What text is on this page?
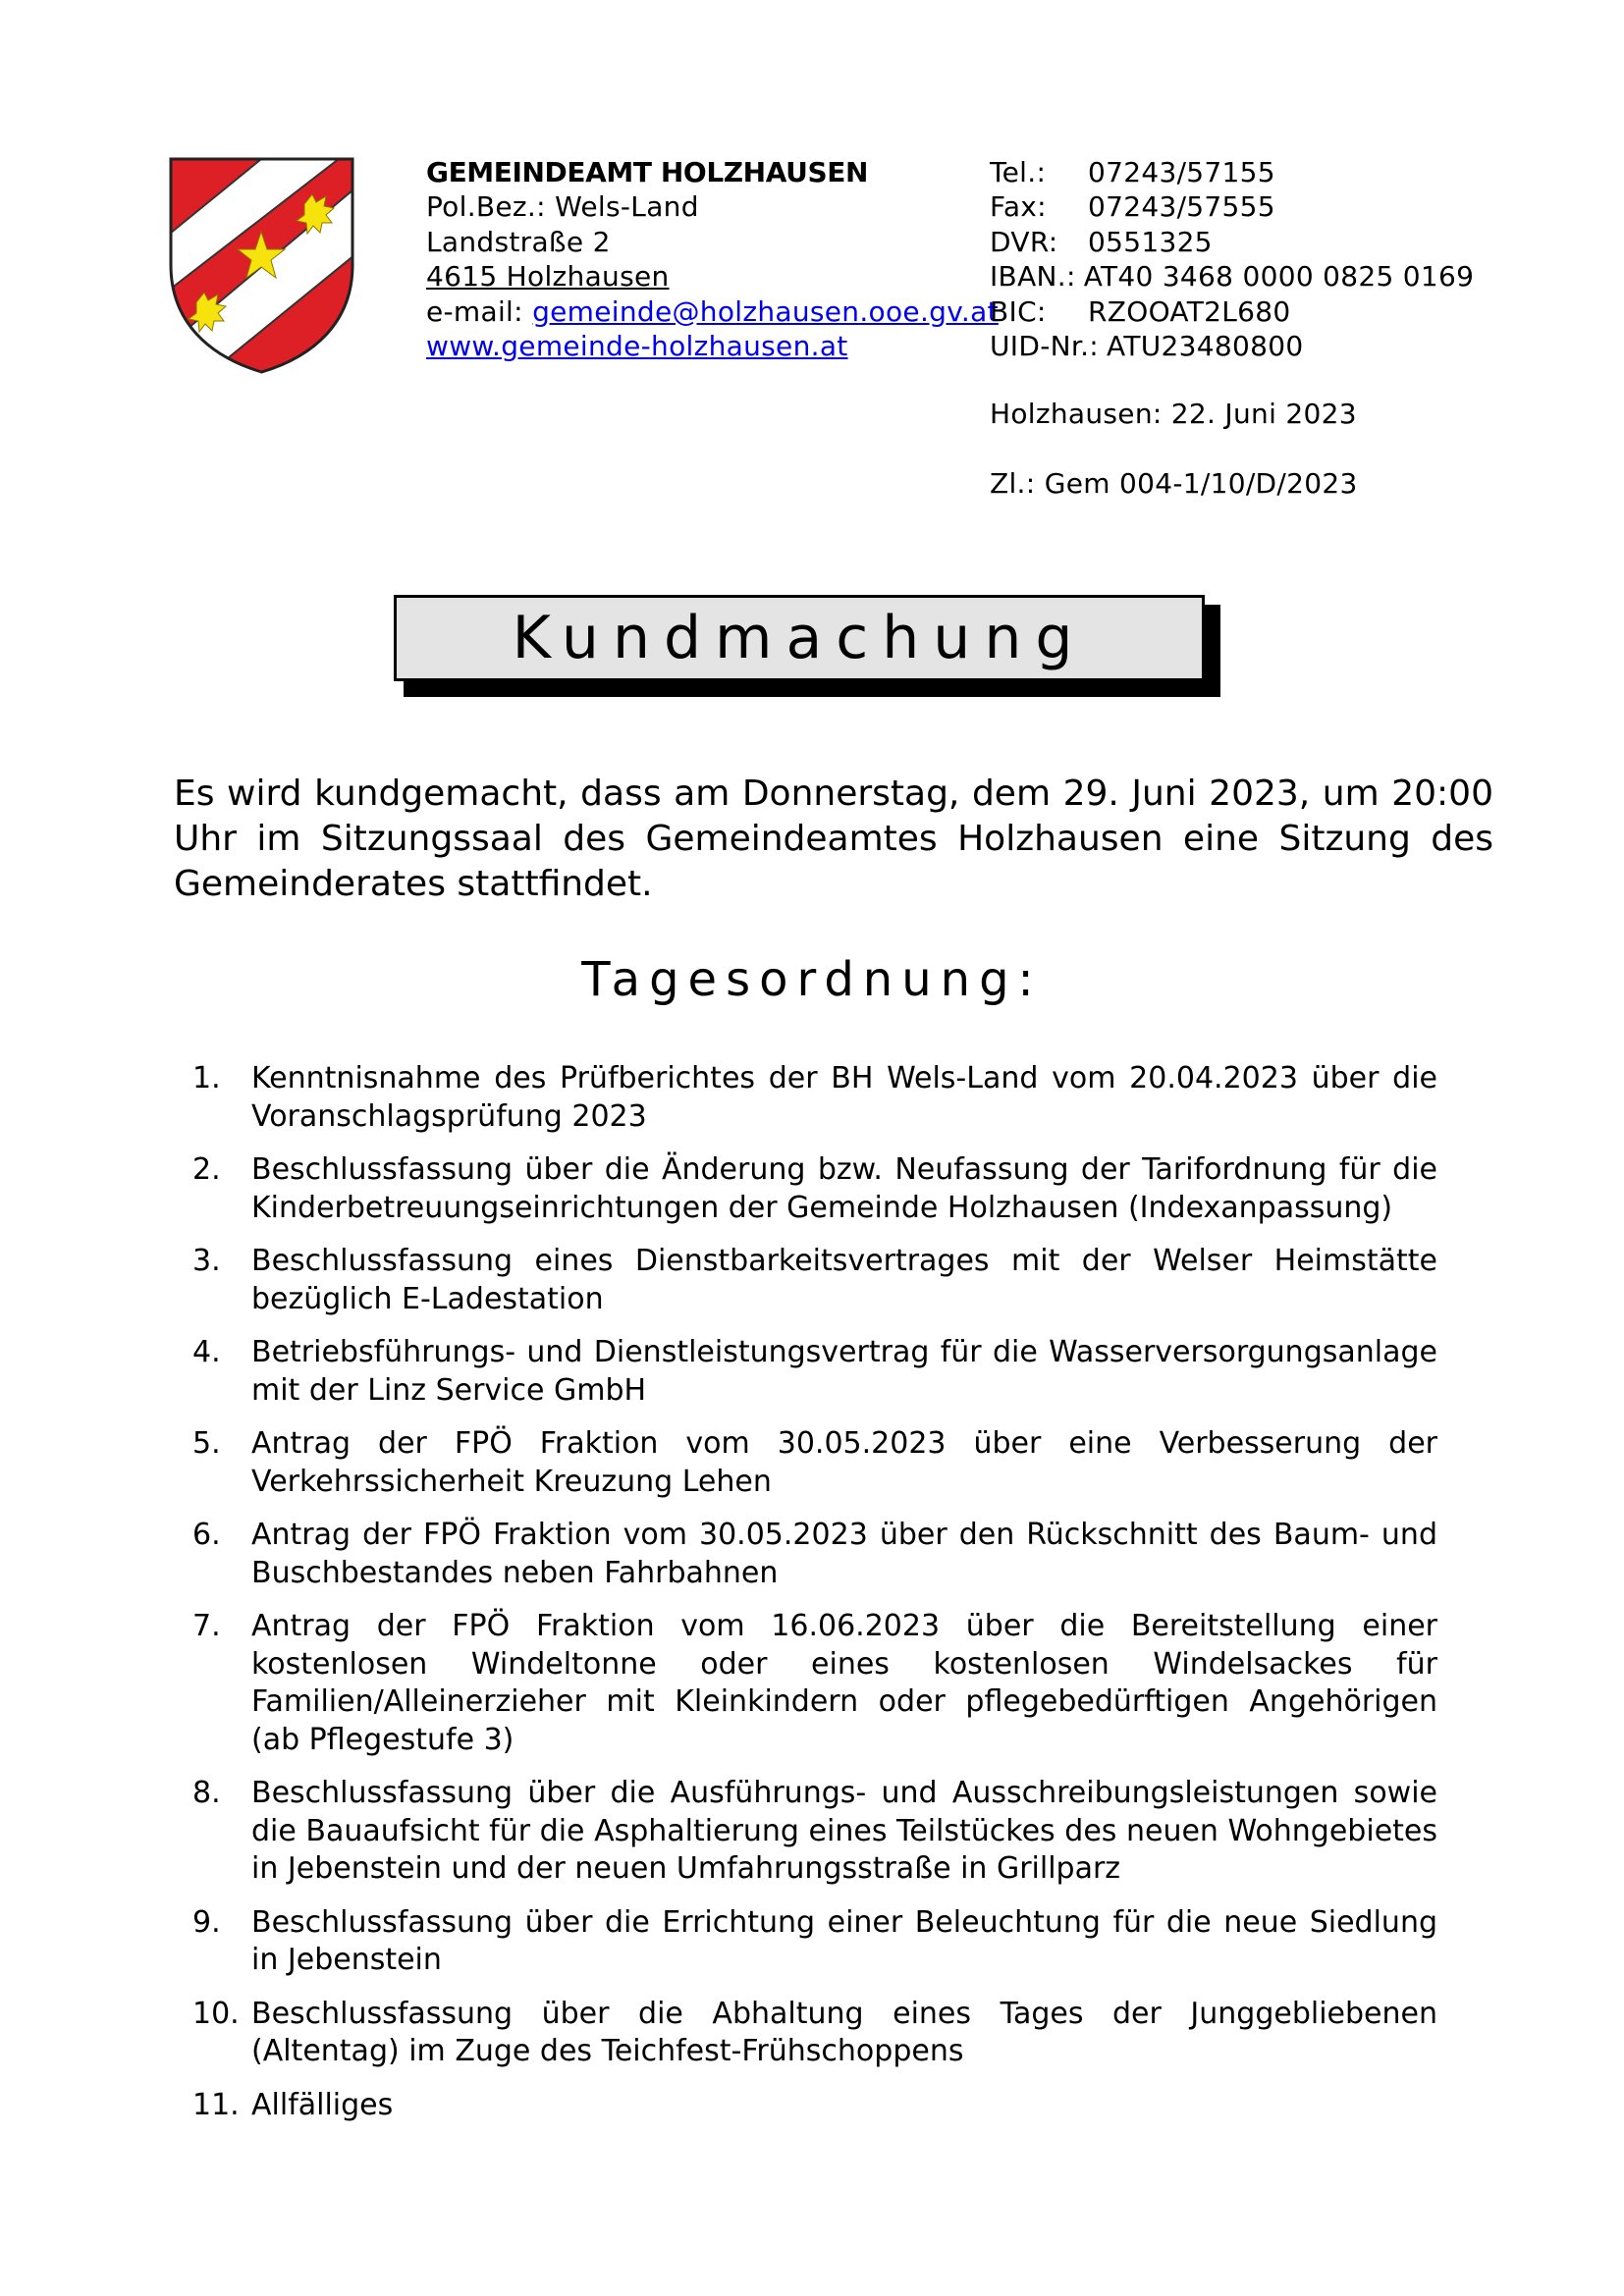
GEMEINDEAMT HOLZHAUSEN
Pol.Bez.: Wels-Land
Landstraße 2
4615 Holzhausen
e-mail: gemeinde@holzhausen.ooe.gv.at
www.gemeinde-holzhausen.at
Tel.:	07243/57155
Fax:	07243/57555
DVR:	0551325
IBAN.: AT40 3468 0000 0825 0169
BIC:	RZOOAT2L680
UID-Nr.: ATU23480800
Holzhausen: 22. Juni 2023
Zl.: Gem 004-1/10/D/2023
Kundmachung
Es wird kundgemacht, dass am Donnerstag, dem 29. Juni 2023, um 20:00 Uhr im Sitzungssaal des Gemeindeamtes Holzhausen eine Sitzung des Gemeinderates stattfindet.
Tagesordnung:
1. Kenntnisnahme des Prüfberichtes der BH Wels-Land vom 20.04.2023 über die Voranschlagsprüfung 2023
2. Beschlussfassung über die Änderung bzw. Neufassung der Tarifordnung für die Kinderbetreuungseinrichtungen der Gemeinde Holzhausen (Indexanpassung)
3. Beschlussfassung eines Dienstbarkeitsvertrages mit der Welser Heimstätte bezüglich E-Ladestation
4. Betriebsführungs- und Dienstleistungsvertrag für die Wasserversorgungsanlage mit der Linz Service GmbH
5. Antrag der FPÖ Fraktion vom 30.05.2023 über eine Verbesserung der Verkehrssicherheit Kreuzung Lehen
6. Antrag der FPÖ Fraktion vom 30.05.2023 über den Rückschnitt des Baum- und Buschbestandes neben Fahrbahnen
7. Antrag der FPÖ Fraktion vom 16.06.2023 über die Bereitstellung einer kostenlosen Windeltonne oder eines kostenlosen Windelsackes für Familien/Alleinerzieher mit Kleinkindern oder pflegebedürftigen Angehörigen (ab Pflegestufe 3)
8. Beschlussfassung über die Ausführungs- und Ausschreibungsleistungen sowie die Bauaufsicht für die Asphaltierung eines Teilstückes des neuen Wohngebietes in Jebenstein und der neuen Umfahrungsstraße in Grillparz
9. Beschlussfassung über die Errichtung einer Beleuchtung für die neue Siedlung in Jebenstein
10. Beschlussfassung über die Abhaltung eines Tages der Junggebliebenen (Altentag) im Zuge des Teichfest-Frühschoppens
11. Allfälliges
